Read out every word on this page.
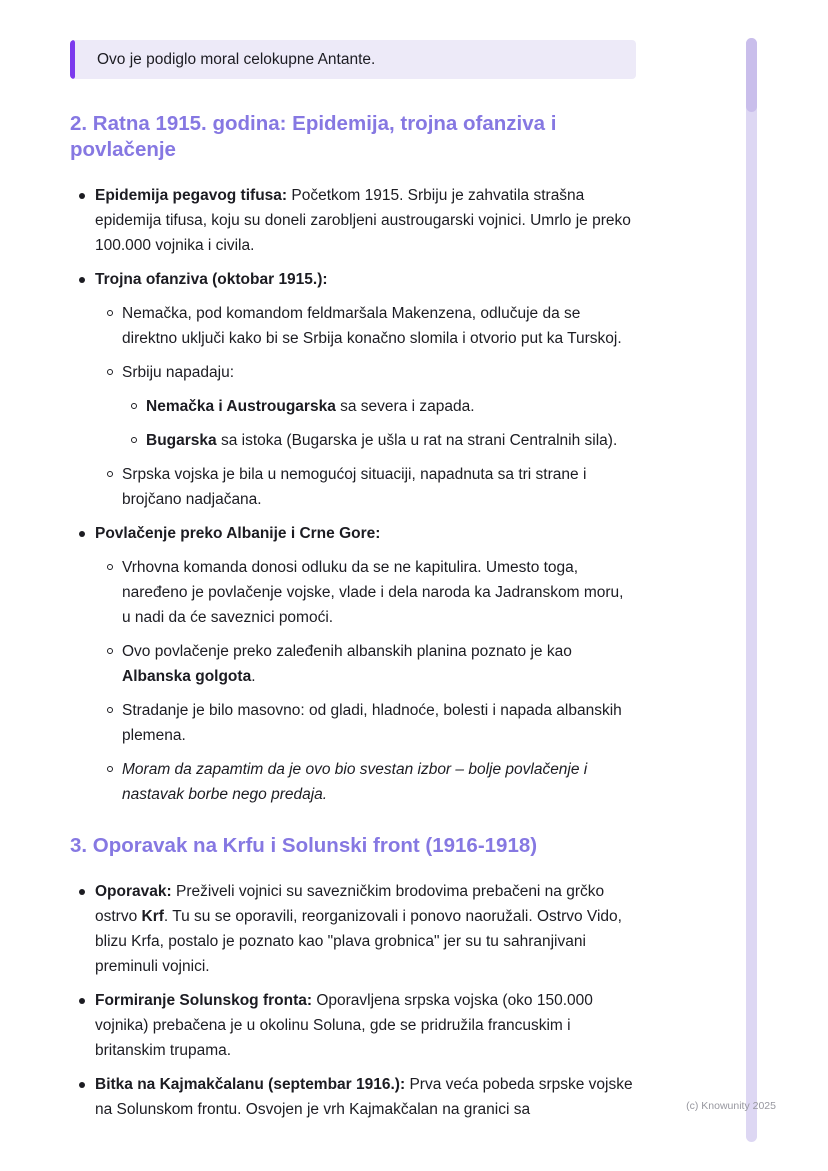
Ovo je podiglo moral celokupne Antante.

2. Ratna 1915. godina: Epidemija, trojna ofanziva i povlačenje
Epidemija pegavog tifusa: Početkom 1915. Srbiju je zahvatila strašna epidemija tifusa, koju su doneli zarobljeni austrougarski vojnici. Umrlo je preko 100.000 vojnika i civila.
Trojna ofanziva (oktobar 1915.):
Nemačka, pod komandom feldmaršala Makenzena, odlučuje da se direktno uključi kako bi se Srbija konačno slomila i otvorio put ka Turskoj.
Srbiju napadaju:
Nemačka i Austrougarska sa severa i zapada.
Bugarska sa istoka (Bugarska je ušla u rat na strani Centralnih sila).
Srpska vojska je bila u nemogućoj situaciji, napadnuta sa tri strane i brojčano nadjačana.
Povlačenje preko Albanije i Crne Gore:
Vrhovna komanda donosi odluku da se ne kapitulira. Umesto toga, naređeno je povlačenje vojske, vlade i dela naroda ka Jadranskom moru, u nadi da će saveznici pomoći.
Ovo povlačenje preko zaleđenih albanskih planina poznato je kao Albanska golgota.
Stradanje je bilo masovno: od gladi, hladnoće, bolesti i napada albanskih plemena.
Moram da zapamtim da je ovo bio svestan izbor – bolje povlačenje i nastavak borbe nego predaja.
3. Oporavak na Krfu i Solunski front (1916-1918)
Oporavak: Preživeli vojnici su savezničkim brodovima prebačeni na grčko ostrvo Krf. Tu su se oporavili, reorganizovali i ponovo naoružali. Ostrvo Vido, blizu Krfa, postalo je poznato kao "plava grobnica" jer su tu sahranjivani preminuli vojnici.
Formiranje Solunskog fronta: Oporavljena srpska vojska (oko 150.000 vojnika) prebačena je u okolinu Soluna, gde se pridružila francuskim i britanskim trupama.
Bitka na Kajmakčalanu (septembar 1916.): Prva veća pobeda srpske vojske na Solunskom frontu. Osvojen je vrh Kajmakčalan na granici sa	(c) Knowunity 2025
